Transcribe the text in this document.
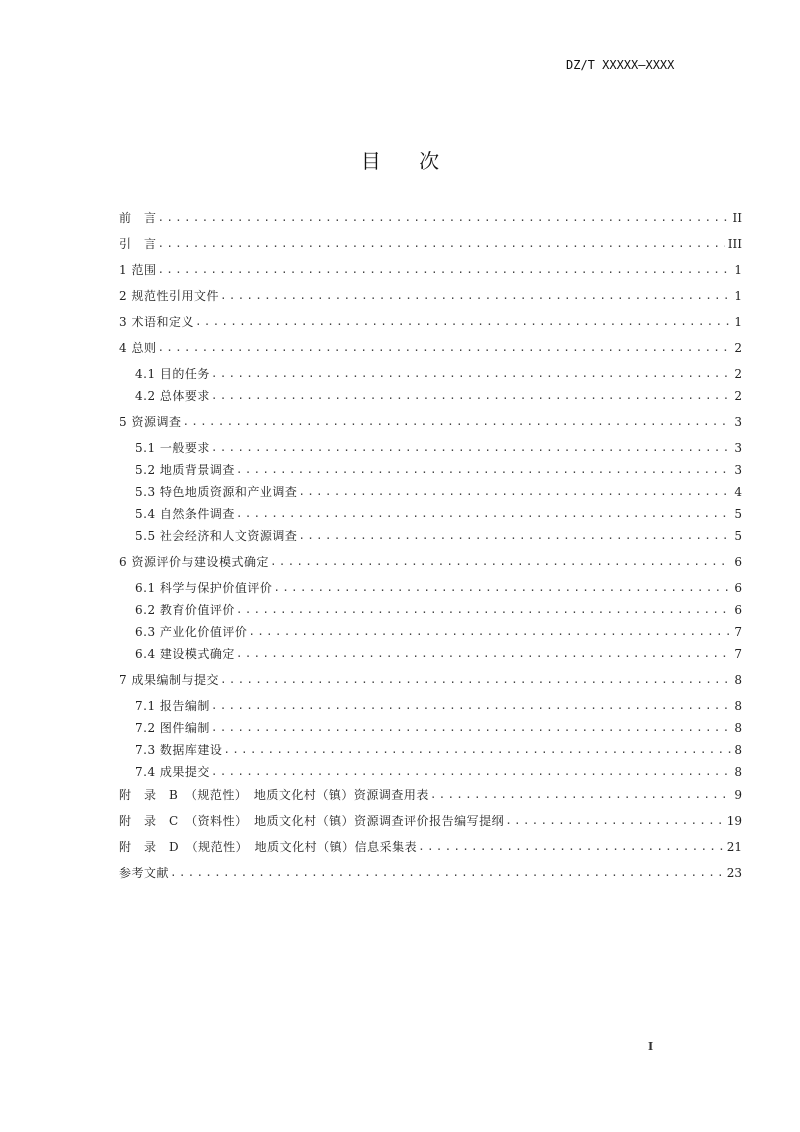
DZ/T XXXXX—XXXX
目 次
前　言 .....	II
引　言 .....	III
1 范围 .....	1
2 规范性引用文件 .....	1
3 术语和定义 .....	1
4 总则 .....	2
4.1 目的任务 .....	2
4.2 总体要求 .....	2
5 资源调查 .....	3
5.1 一般要求 .....	3
5.2 地质背景调查 .....	3
5.3 特色地质资源和产业调查 .....	4
5.4 自然条件调查 .....	5
5.5 社会经济和人文资源调查 .....	5
6 资源评价与建设模式确定 .....	6
6.1 科学与保护价值评价 .....	6
6.2 教育价值评价 .....	6
6.3 产业化价值评价 .....	7
6.4 建设模式确定 .....	7
7 成果编制与提交 .....	8
7.1 报告编制 .....	8
7.2 图件编制 .....	8
7.3 数据库建设 .....	8
7.4 成果提交 .....	8
附　录　B　（规范性）　地质文化村（镇）资源调查用表 .....	9
附　录　C　（资料性）　地质文化村（镇）资源调查评价报告编写提纲 .....	19
附　录　D　（规范性）　地质文化村（镇）信息采集表 .....	21
参考文献 .....	23
I
